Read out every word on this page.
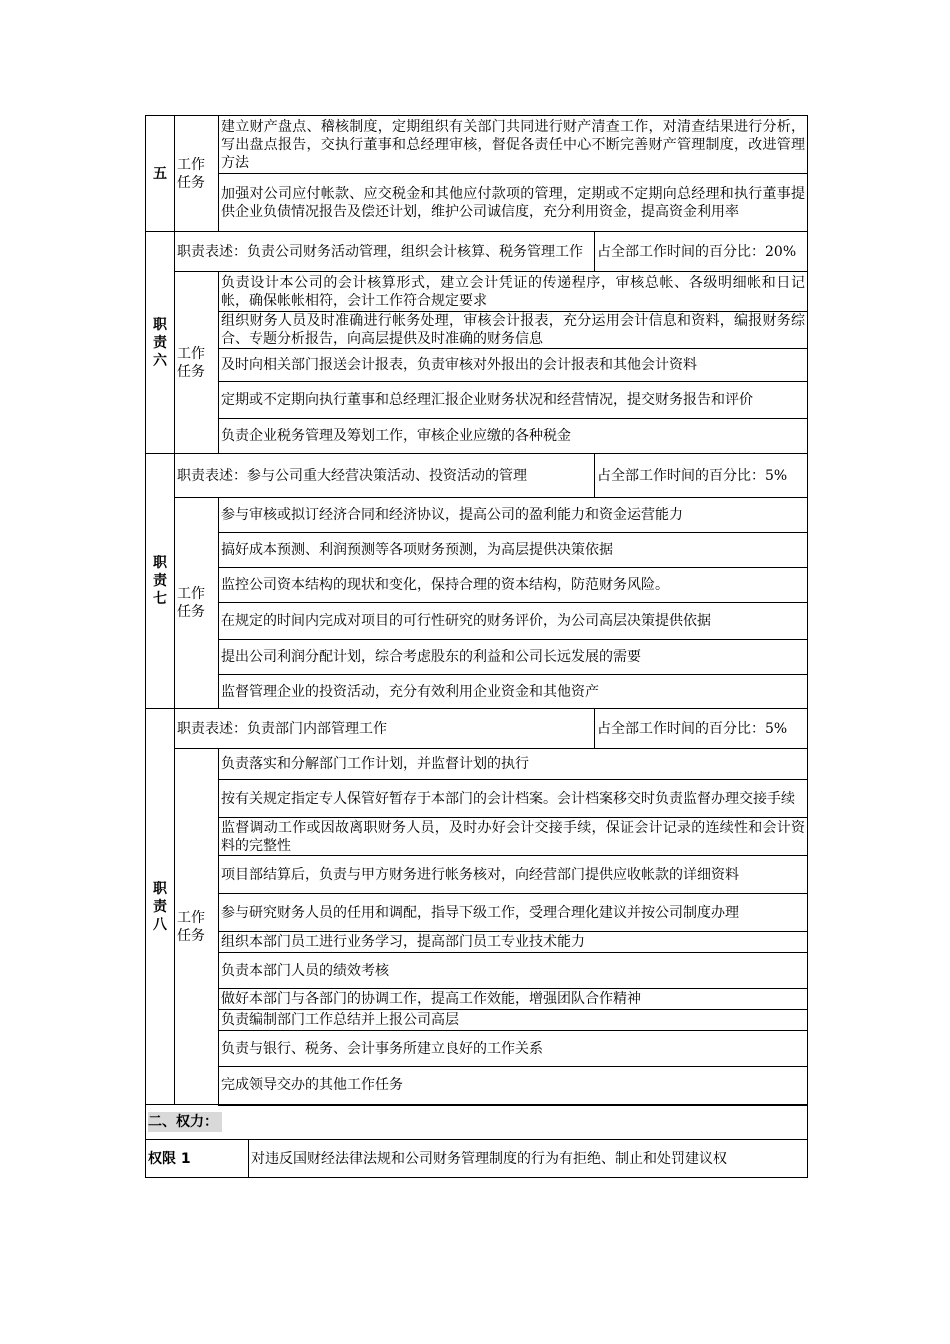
五	工作任务	建立财产盘点、稽核制度，定期组织有关部门共同进行财产清查工作，对清查结果进行分析，写出盘点报告，交执行董事和总经理审核，督促各责任中心不断完善财产管理制度，改进管理方法		
		加强对公司应付帐款、应交税金和其他应付款项的管理，定期或不定期向总经理和执行董事提供企业负债情况报告及偿还计划，维护公司诚信度，充分利用资金，提高资金利用率		
职责六	职责表述：负责公司财务活动管理，组织会计核算、税务管理工作			占全部工作时间的百分比：20%
	工作任务	负责设计本公司的会计核算形式，建立会计凭证的传递程序，审核总帐、各级明细帐和日记帐，确保帐帐相符，会计工作符合规定要求		
		组织财务人员及时准确进行帐务处理，审核会计报表，充分运用会计信息和资料，编报财务综合、专题分析报告，向高层提供及时准确的财务信息		
		及时向相关部门报送会计报表，负责审核对外报出的会计报表和其他会计资料		
		定期或不定期向执行董事和总经理汇报企业财务状况和经营情况，提交财务报告和评价		
		负责企业税务管理及筹划工作，审核企业应缴的各种税金		
职责七	职责表述：参与公司重大经营决策活动、投资活动的管理			占全部工作时间的百分比：5%
	工作任务	参与审核或拟订经济合同和经济协议，提高公司的盈利能力和资金运营能力		
		搞好成本预测、利润预测等各项财务预测，为高层提供决策依据		
		监控公司资本结构的现状和变化，保持合理的资本结构，防范财务风险。		
		在规定的时间内完成对项目的可行性研究的财务评价，为公司高层决策提供依据		
		提出公司利润分配计划，综合考虑股东的利益和公司长远发展的需要		
		监督管理企业的投资活动，充分有效利用企业资金和其他资产		
职责八	职责表述：负责部门内部管理工作			占全部工作时间的百分比：5%
	工作任务	负责落实和分解部门工作计划，并监督计划的执行		
		按有关规定指定专人保管好暂存于本部门的会计档案。会计档案移交时负责监督办理交接手续		
		监督调动工作或因故离职财务人员，及时办好会计交接手续，保证会计记录的连续性和会计资料的完整性		
		项目部结算后，负责与甲方财务进行帐务核对，向经营部门提供应收帐款的详细资料		
		参与研究财务人员的任用和调配，指导下级工作，受理合理化建议并按公司制度办理		
		组织本部门员工进行业务学习，提高部门员工专业技术能力		
		负责本部门人员的绩效考核		
		做好本部门与各部门的协调工作，提高工作效能，增强团队合作精神		
		负责编制部门工作总结并上报公司高层		
		负责与银行、税务、会计事务所建立良好的工作关系		
		完成领导交办的其他工作任务		
二、权力：				
权限 1			对违反国财经法律法规和公司财务管理制度的行为有拒绝、制止和处罚建议权	
